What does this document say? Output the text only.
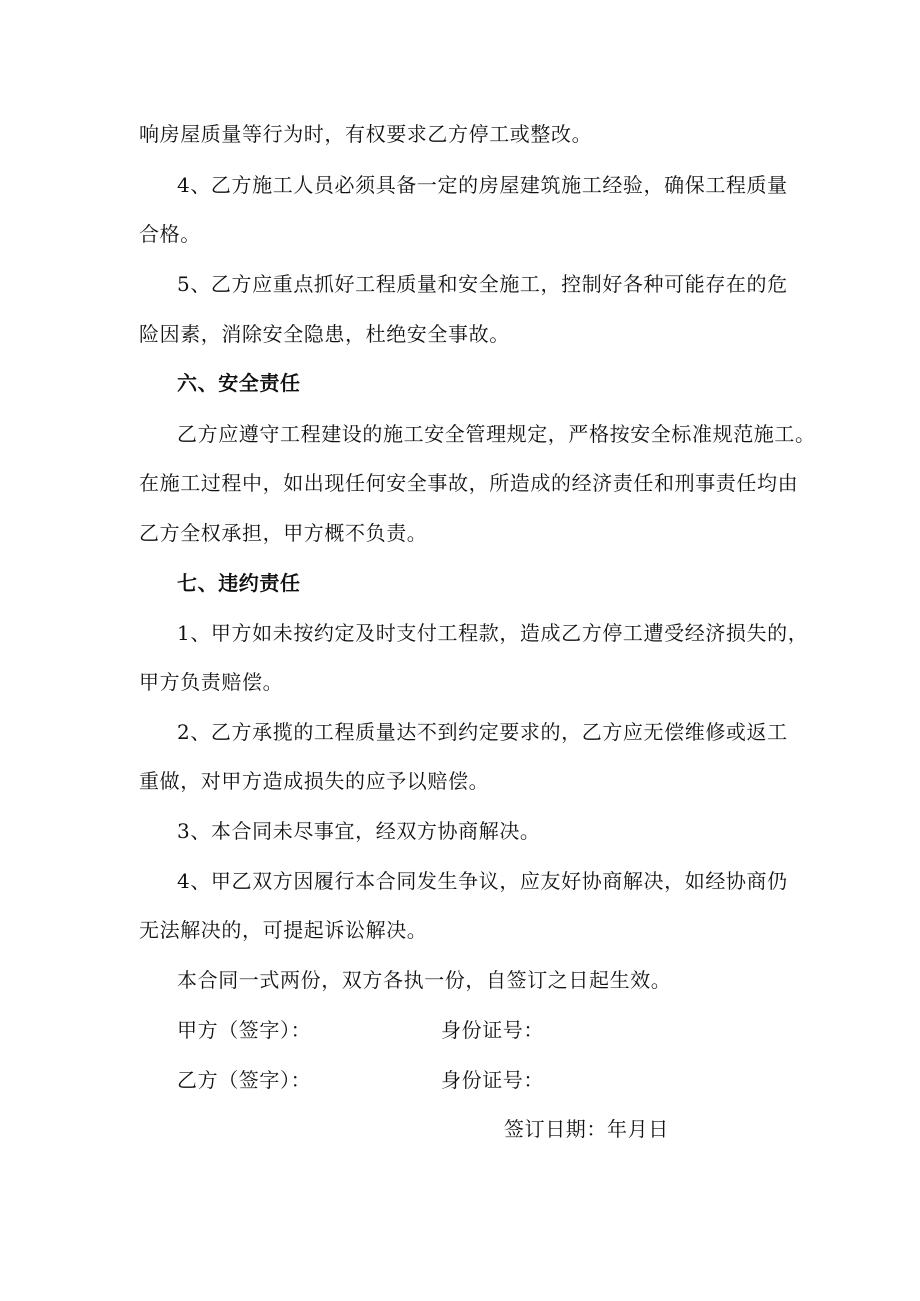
响房屋质量等行为时，有权要求乙方停工或整改。
4、乙方施工人员必须具备一定的房屋建筑施工经验，确保工程质量
合格。
5、乙方应重点抓好工程质量和安全施工，控制好各种可能存在的危
险因素，消除安全隐患，杜绝安全事故。
六、安全责任
乙方应遵守工程建设的施工安全管理规定，严格按安全标准规范施工。
在施工过程中，如出现任何安全事故，所造成的经济责任和刑事责任均由
乙方全权承担，甲方概不负责。
七、违约责任
1、甲方如未按约定及时支付工程款，造成乙方停工遭受经济损失的，
甲方负责赔偿。
2、乙方承揽的工程质量达不到约定要求的，乙方应无偿维修或返工
重做，对甲方造成损失的应予以赔偿。
3、本合同未尽事宜，经双方协商解决。
4、甲乙双方因履行本合同发生争议，应友好协商解决，如经协商仍
无法解决的，可提起诉讼解决。
本合同一式两份，双方各执一份，自签订之日起生效。
甲方（签字）：	身份证号：
乙方（签字）：	身份证号：
签订日期：年月日
